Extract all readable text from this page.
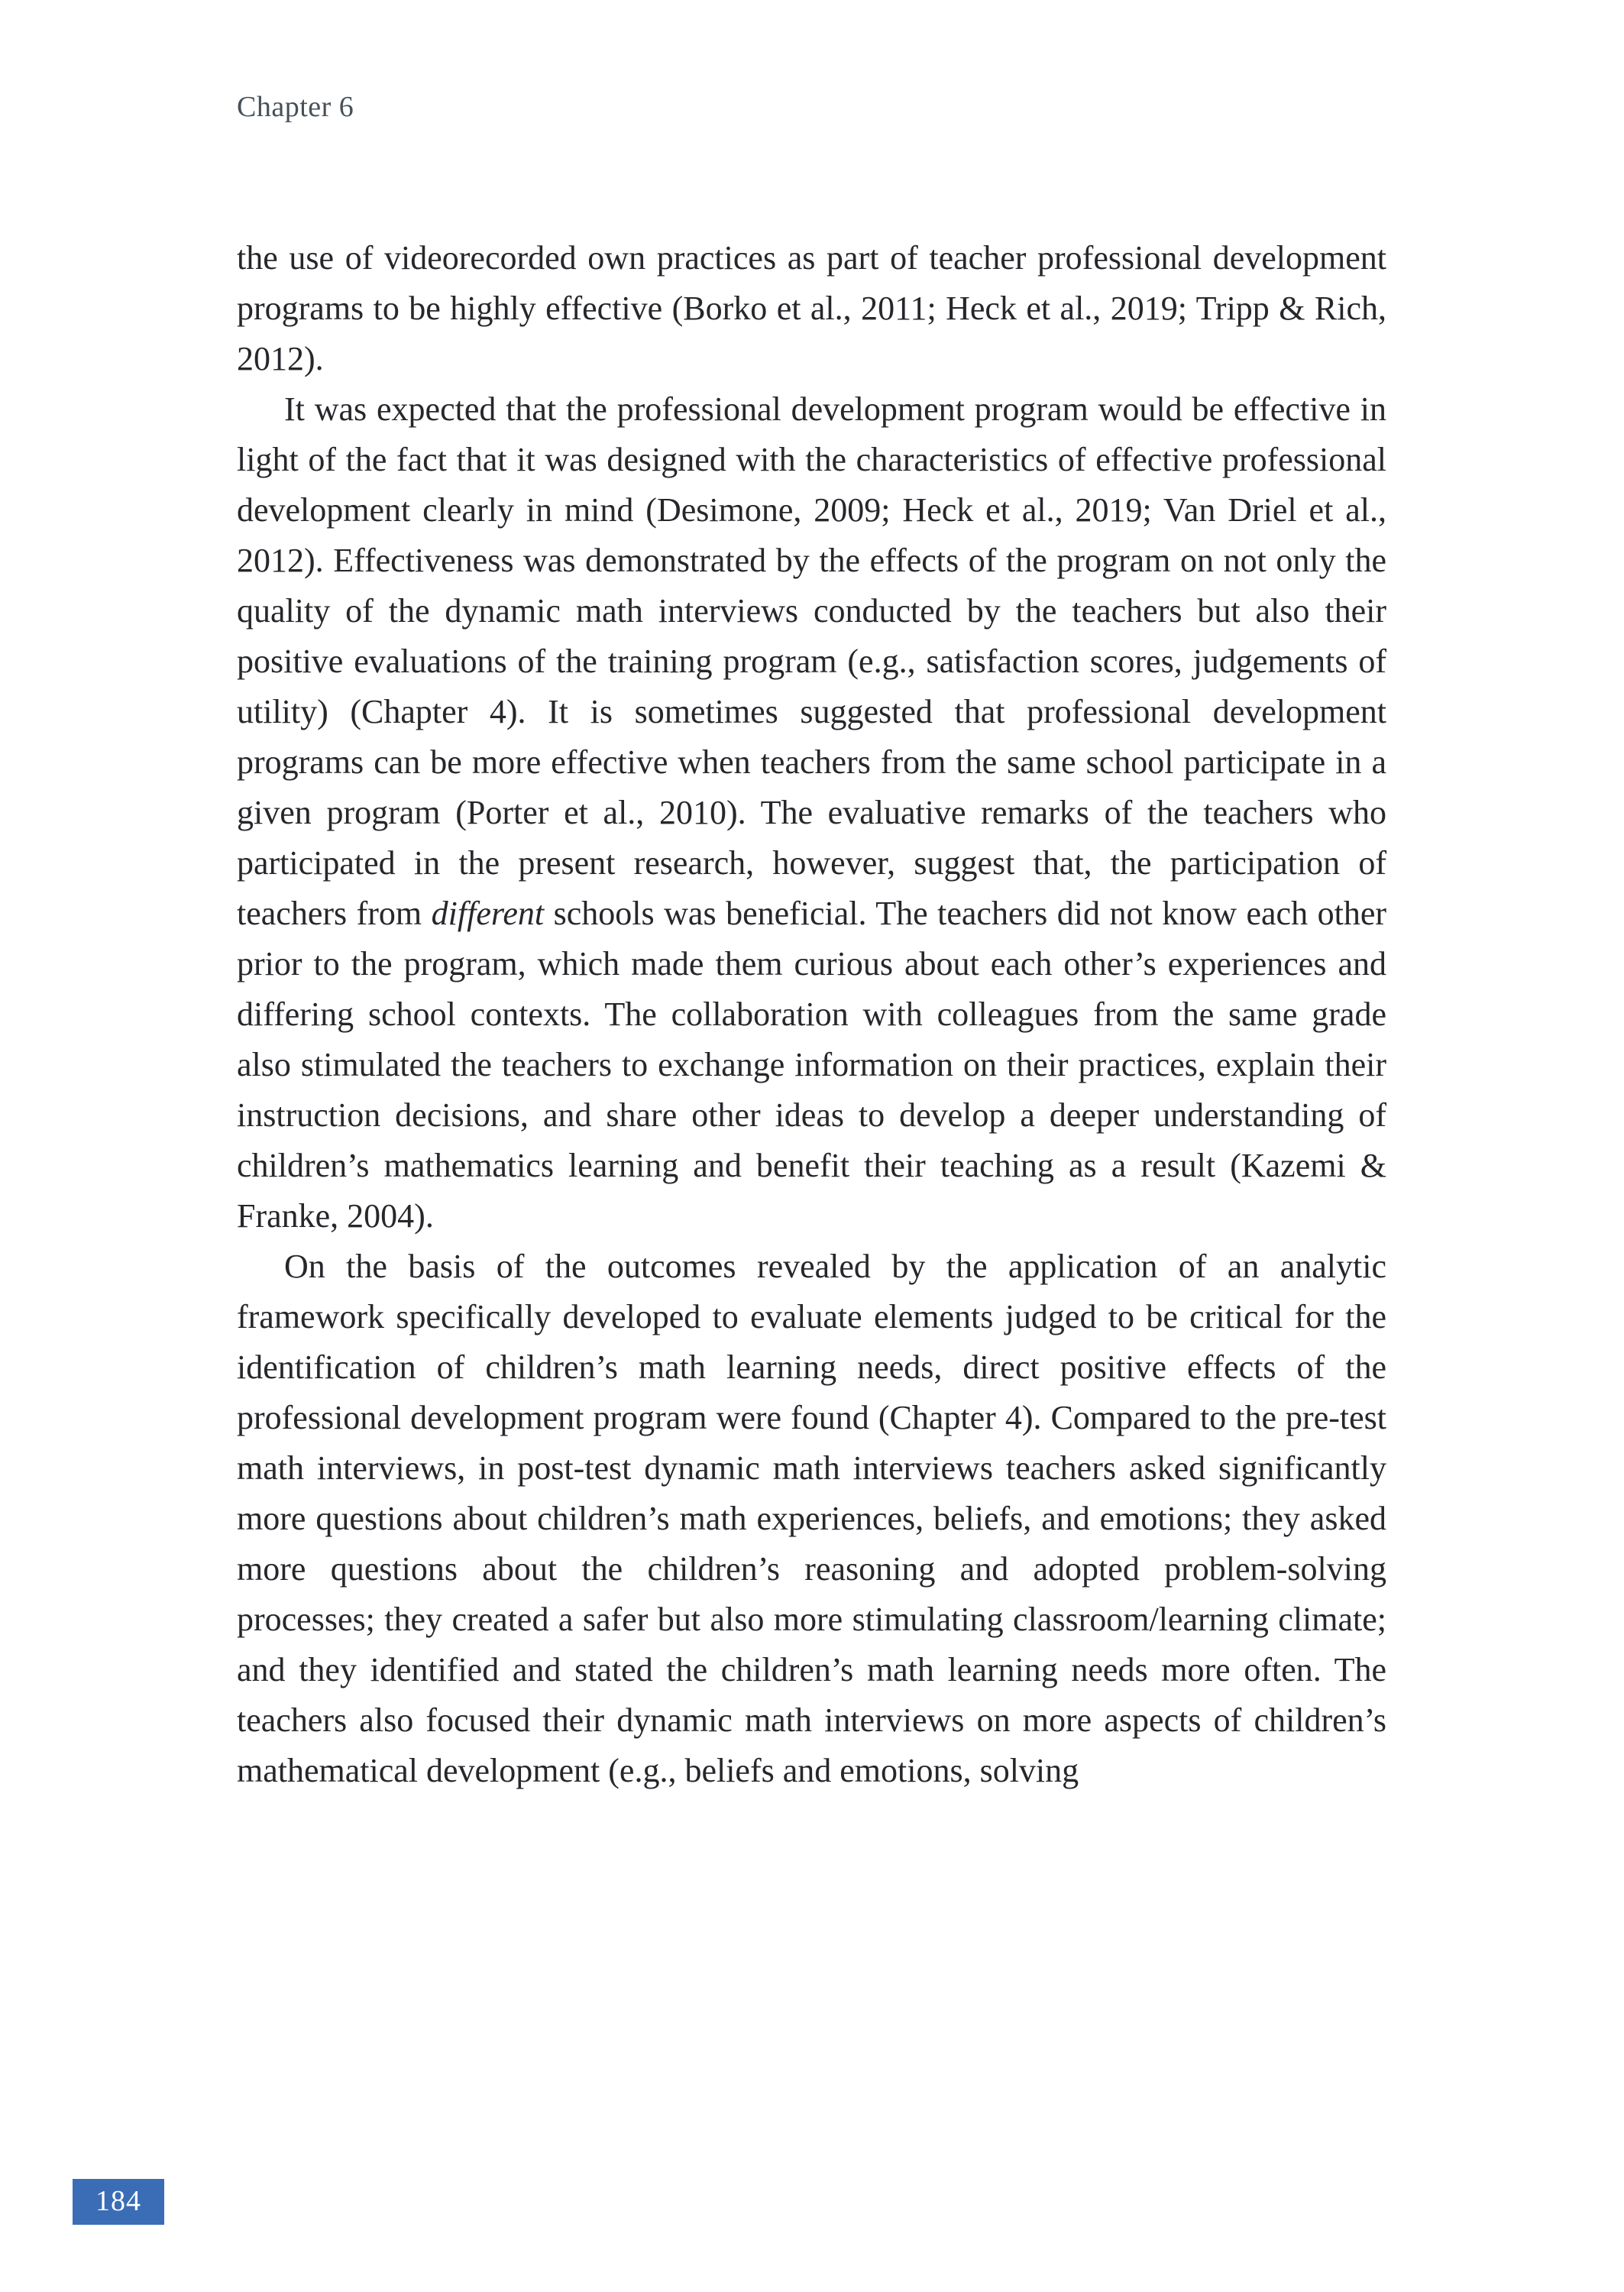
Chapter 6

the use of videorecorded own practices as part of teacher professional development programs to be highly effective (Borko et al., 2011; Heck et al., 2019; Tripp & Rich, 2012).

It was expected that the professional development program would be effective in light of the fact that it was designed with the characteristics of effective professional development clearly in mind (Desimone, 2009; Heck et al., 2019; Van Driel et al., 2012). Effectiveness was demonstrated by the effects of the program on not only the quality of the dynamic math interviews conducted by the teachers but also their positive evaluations of the training program (e.g., satisfaction scores, judgements of utility) (Chapter 4). It is sometimes suggested that professional development programs can be more effective when teachers from the same school participate in a given program (Porter et al., 2010). The evaluative remarks of the teachers who participated in the present research, however, suggest that, the participation of teachers from different schools was beneficial. The teachers did not know each other prior to the program, which made them curious about each other’s experiences and differing school contexts. The collaboration with colleagues from the same grade also stimulated the teachers to exchange information on their practices, explain their instruction decisions, and share other ideas to develop a deeper understanding of children’s mathematics learning and benefit their teaching as a result (Kazemi & Franke, 2004).

On the basis of the outcomes revealed by the application of an analytic framework specifically developed to evaluate elements judged to be critical for the identification of children’s math learning needs, direct positive effects of the professional development program were found (Chapter 4). Compared to the pre-test math interviews, in post-test dynamic math interviews teachers asked significantly more questions about children’s math experiences, beliefs, and emotions; they asked more questions about the children’s reasoning and adopted problem-solving processes; they created a safer but also more stimulating classroom/learning climate; and they identified and stated the children’s math learning needs more often. The teachers also focused their dynamic math interviews on more aspects of children’s mathematical development (e.g., beliefs and emotions, solving

184
